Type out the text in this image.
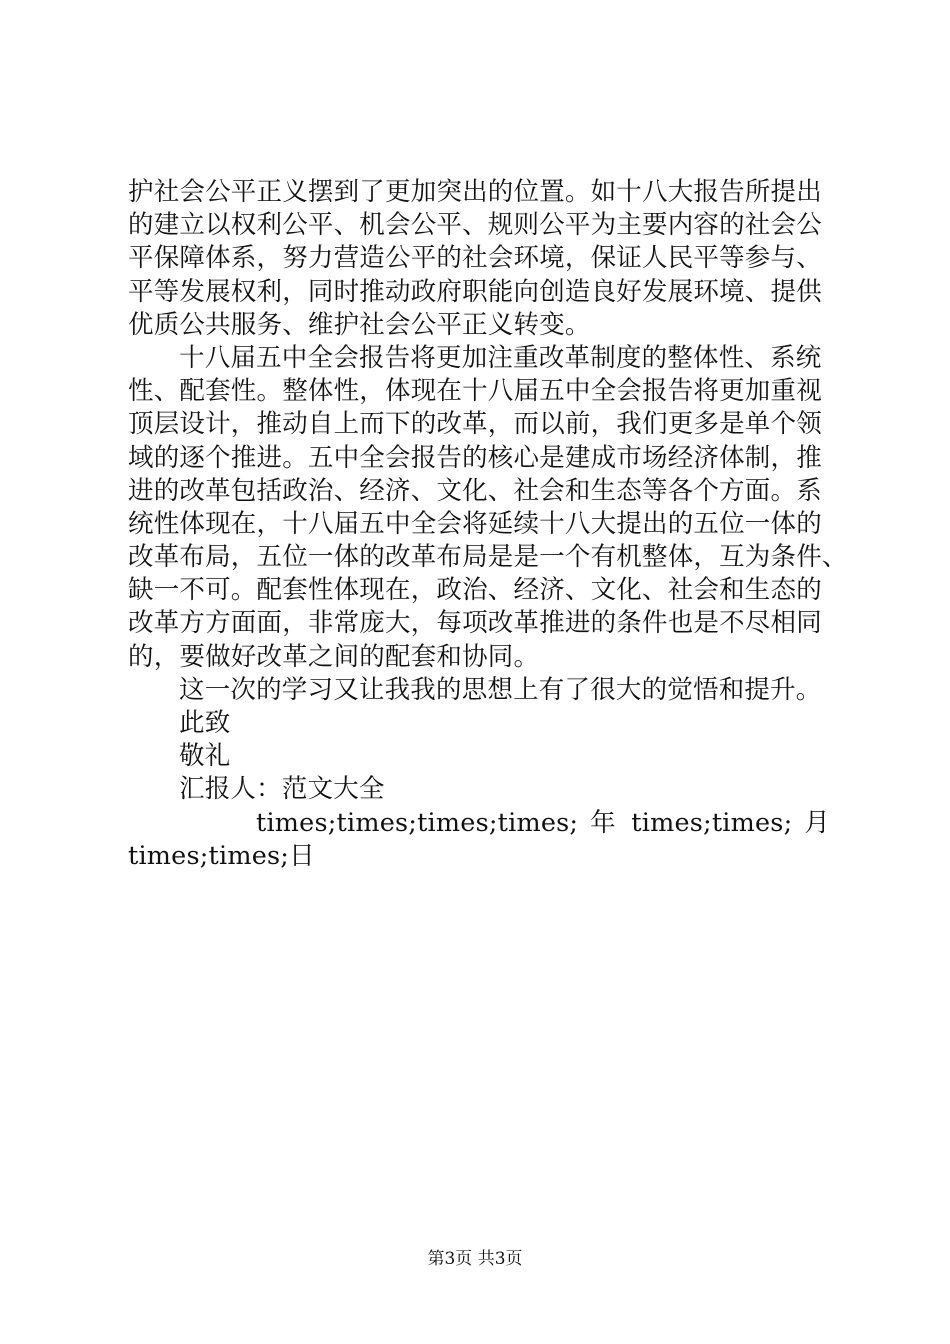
护社会公平正义摆到了更加突出的位置。如十八大报告所提出
的建立以权利公平、机会公平、规则公平为主要内容的社会公
平保障体系，努力营造公平的社会环境，保证人民平等参与、
平等发展权利，同时推动政府职能向创造良好发展环境、提供
优质公共服务、维护社会公平正义转变。
十八届五中全会报告将更加注重改革制度的整体性、系统
性、配套性。整体性，体现在十八届五中全会报告将更加重视
顶层设计，推动自上而下的改革，而以前，我们更多是单个领
域的逐个推进。五中全会报告的核心是建成市场经济体制，推
进的改革包括政治、经济、文化、社会和生态等各个方面。系
统性体现在，十八届五中全会将延续十八大提出的五位一体的
改革布局，五位一体的改革布局是是一个有机整体，互为条件、
缺一不可。配套性体现在，政治、经济、文化、社会和生态的
改革方方面面，非常庞大，每项改革推进的条件也是不尽相同
的，要做好改革之间的配套和协同。
这一次的学习又让我我的思想上有了很大的觉悟和提升。
此致
敬礼
汇报人：范文大全
times;times;times;times; 年 times;times; 月
times;times;日
第3页 共3页
